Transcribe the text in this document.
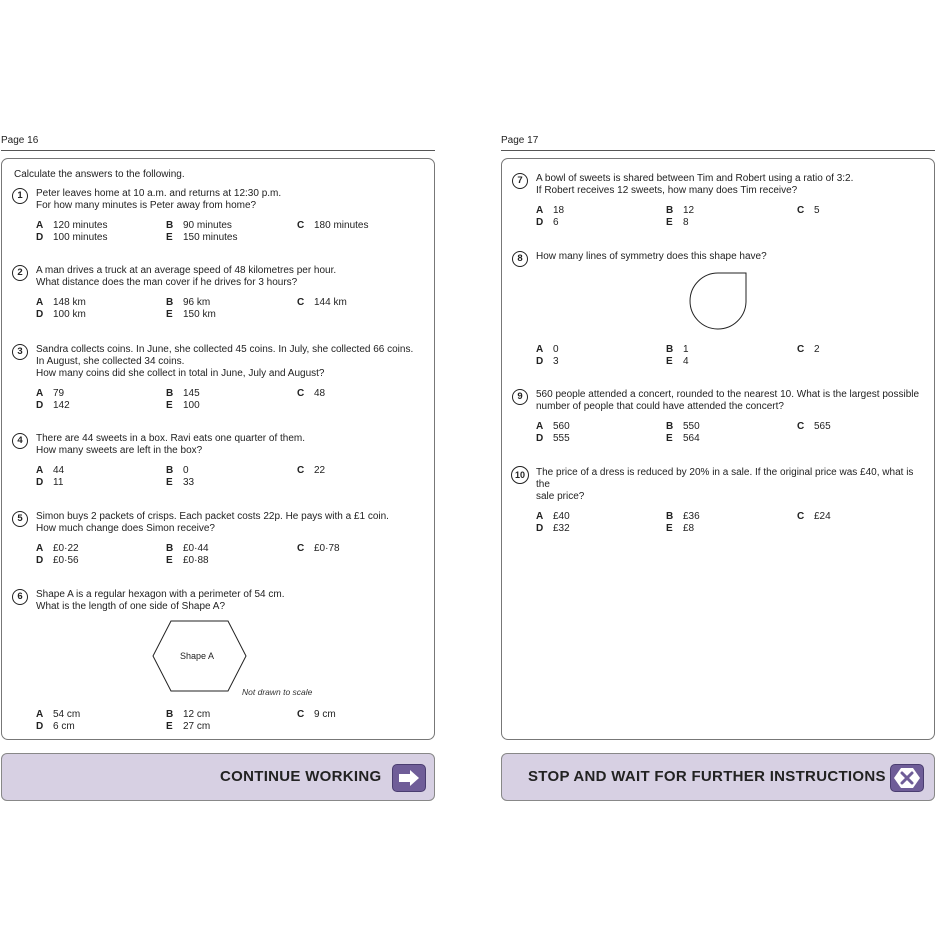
Page 16
Calculate the answers to the following.
1	Peter leaves home at 10 a.m. and returns at 12:30 p.m.
For how many minutes is Peter away from home?
A 120 minutes	B 90 minutes	C 180 minutes
D 100 minutes	E 150 minutes
2	A man drives a truck at an average speed of 48 kilometres per hour.
What distance does the man cover if he drives for 3 hours?
A 148 km	B 96 km	C 144 km
D 100 km	E 150 km
3	Sandra collects coins. In June, she collected 45 coins. In July, she collected 66 coins.
In August, she collected 34 coins.
How many coins did she collect in total in June, July and August?
A 79	B 145	C 48
D 142	E 100
4	There are 44 sweets in a box. Ravi eats one quarter of them.
How many sweets are left in the box?
A 44	B 0	C 22
D 11	E 33
5	Simon buys 2 packets of crisps. Each packet costs 22p. He pays with a £1 coin.
How much change does Simon receive?
A £0·22	B £0·44	C £0·78
D £0·56	E £0·88
6	Shape A is a regular hexagon with a perimeter of 54 cm.
What is the length of one side of Shape A?
Shape A
Not drawn to scale
A 54 cm	B 12 cm	C 9 cm
D 6 cm	E 27 cm
CONTINUE WORKING
Page 17
7	A bowl of sweets is shared between Tim and Robert using a ratio of 3:2.
If Robert receives 12 sweets, how many does Tim receive?
A 18	B 12	C 5
D 6	E 8
8	How many lines of symmetry does this shape have?
A 0	B 1	C 2
D 3	E 4
9	560 people attended a concert, rounded to the nearest 10. What is the largest possible
number of people that could have attended the concert?
A 560	B 550	C 565
D 555	E 564
10	The price of a dress is reduced by 20% in a sale. If the original price was £40, what is the
sale price?
A £40	B £36	C £24
D £32	E £8
STOP AND WAIT FOR FURTHER INSTRUCTIONS
